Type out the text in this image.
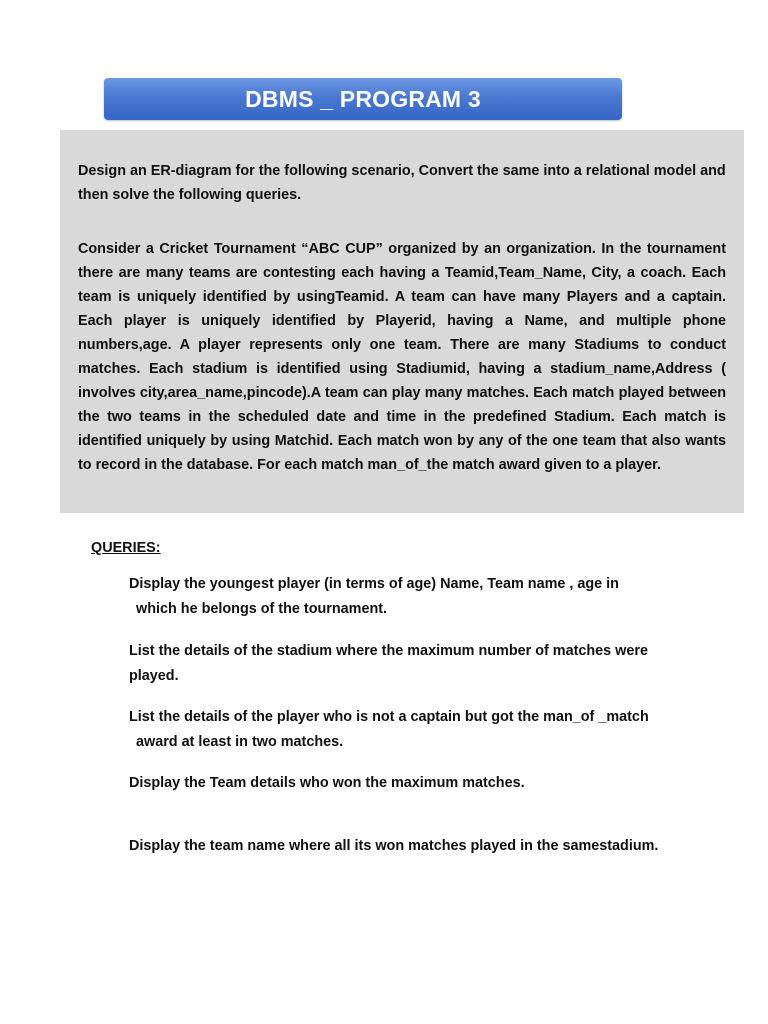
DBMS _ PROGRAM 3

Design an ER-diagram for the following scenario, Convert the same into a relational model and then solve the following queries.

Consider a Cricket Tournament “ABC CUP” organized by an organization. In the tournament there are many teams are contesting each having a Teamid,Team_Name, City, a coach. Each team is uniquely identified by usingTeamid. A team can have many Players and a captain. Each player is uniquely identified by Playerid, having a Name, and multiple phone numbers,age. A player represents only one team. There are many Stadiums to conduct matches. Each stadium is identified using Stadiumid, having a stadium_name,Address ( involves city,area_name,pincode).A team can play many matches. Each match played between the two teams in the scheduled date and time in the predefined Stadium. Each match is identified uniquely by using Matchid. Each match won by any of the one team that also wants to record in the database. For each match man_of_the match award given to a player.

QUERIES:

Display the youngest player (in terms of age) Name, Team name , age in
which he belongs of the tournament.

List the details of the stadium where the maximum number of matches were
played.

List the details of the player who is not a captain but got the man_of _match
award at least in two matches.

Display the Team details who won the maximum matches.

Display the team name where all its won matches played in the samestadium.
